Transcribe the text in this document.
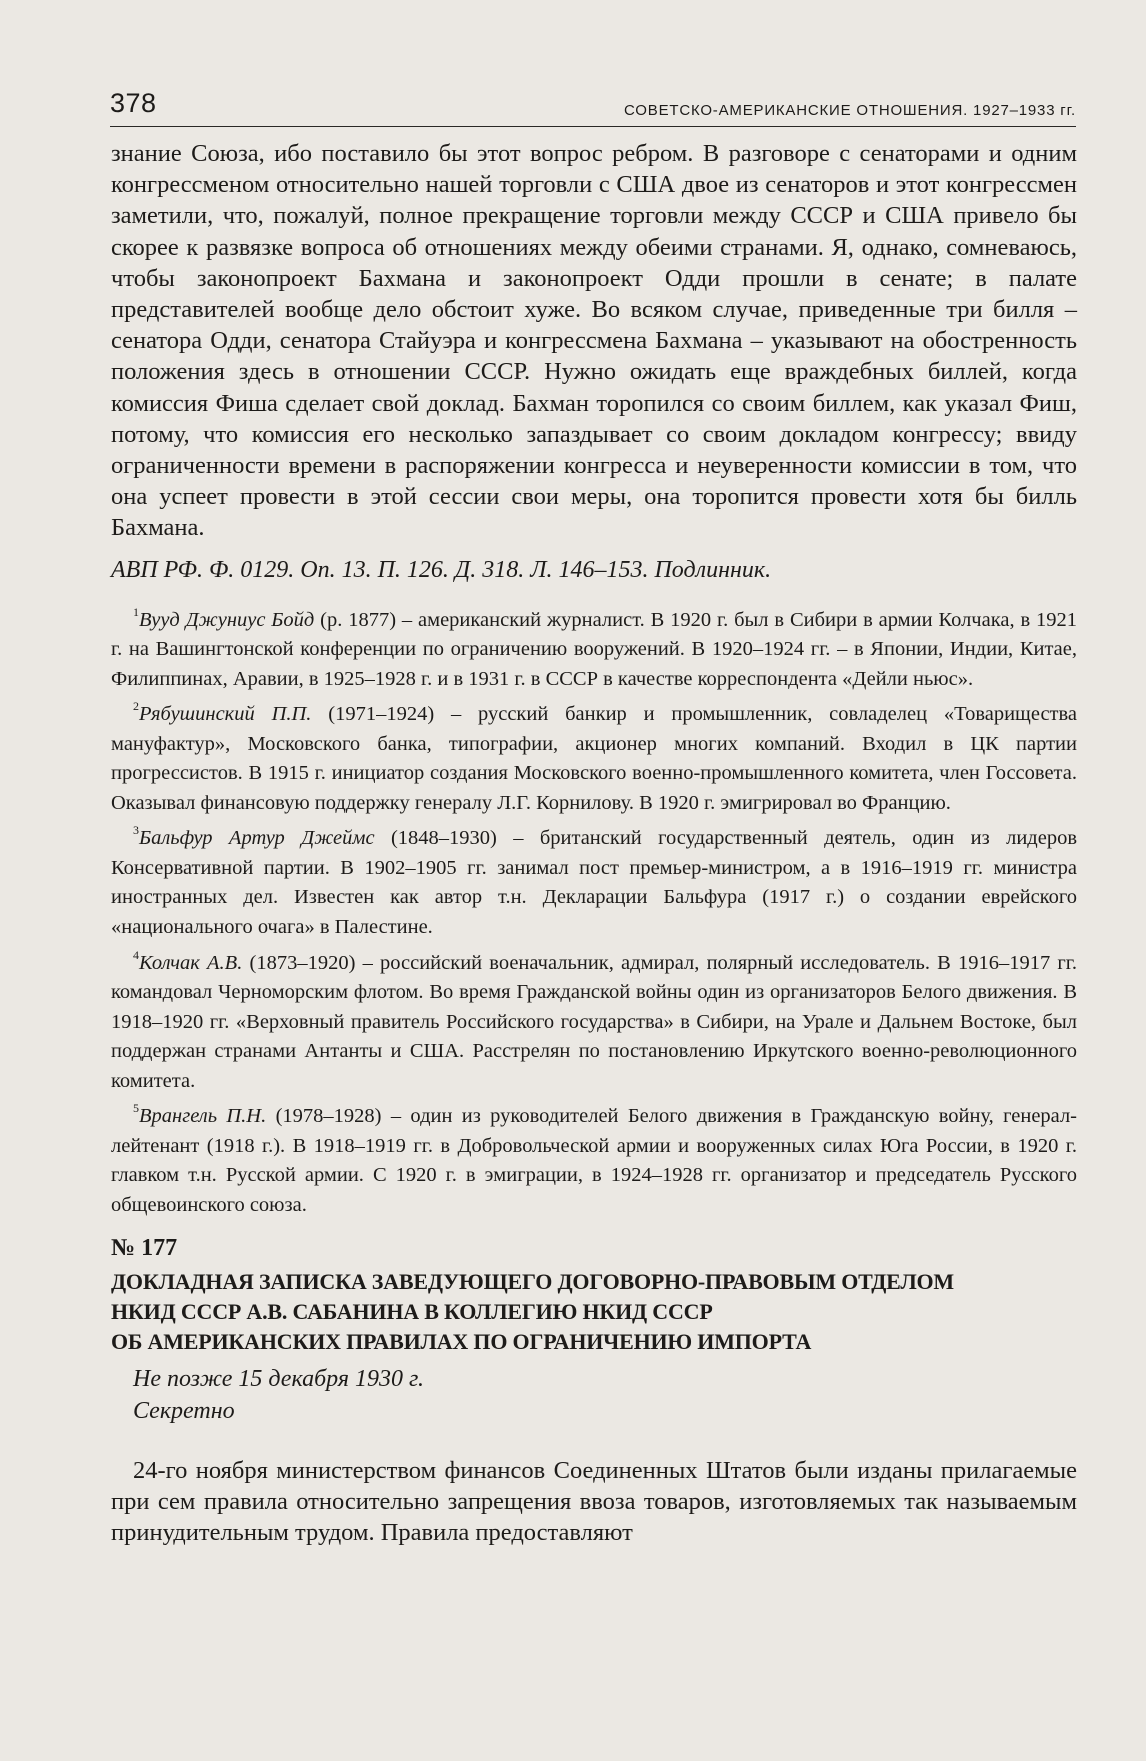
378	СОВЕТСКО-АМЕРИКАНСКИЕ ОТНОШЕНИЯ. 1927–1933 гг.

знание Союза, ибо поставило бы этот вопрос ребром. В разговоре с сенаторами и одним конгрессменом относительно нашей торговли с США двое из сенаторов и этот конгрессмен заметили, что, пожалуй, полное прекращение торговли между СССР и США привело бы скорее к развязке вопроса об отношениях между обеими странами. Я, однако, сомневаюсь, чтобы законопроект Бахмана и законопроект Одди прошли в сенате; в палате представителей вообще дело обстоит хуже. Во всяком случае, приведенные три билля – сенатора Одди, сенатора Стайуэра и конгрессмена Бахмана – указывают на обостренность положения здесь в отношении СССР. Нужно ожидать еще враждебных биллей, когда комиссия Фиша сделает свой доклад. Бахман торопился со своим биллем, как указал Фиш, потому, что комиссия его несколько запаздывает со своим докладом конгрессу; ввиду ограниченности времени в распоряжении конгресса и неуверенности комиссии в том, что она успеет провести в этой сессии свои меры, она торопится провести хотя бы билль Бахмана.

АВП РФ. Ф. 0129. Оп. 13. П. 126. Д. 318. Л. 146–153. Подлинник.

$^1$Вууд Джуниус Бойд (р. 1877) – американский журналист. В 1920 г. был в Сибири в армии Колчака, в 1921 г. на Вашингтонской конференции по ограничению вооружений. В 1920–1924 гг. – в Японии, Индии, Китае, Филиппинах, Аравии, в 1925–1928 г. и в 1931 г. в СССР в качестве корреспондента «Дейли ньюс».

$^2$Рябушинский П.П. (1971–1924) – русский банкир и промышленник, совладелец «Товарищества мануфактур», Московского банка, типографии, акционер многих компаний. Входил в ЦК партии прогрессистов. В 1915 г. инициатор создания Московского военно-промышленного комитета, член Госсовета. Оказывал финансовую поддержку генералу Л.Г. Корнилову. В 1920 г. эмигрировал во Францию.

$^3$Бальфур Артур Джеймс (1848–1930) – британский государственный деятель, один из лидеров Консервативной партии. В 1902–1905 гг. занимал пост премьер-министром, а в 1916–1919 гг. министра иностранных дел. Известен как автор т.н. Декларации Бальфура (1917 г.) о создании еврейского «национального очага» в Палестине.

$^4$Колчак А.В. (1873–1920) – российский военачальник, адмирал, полярный исследователь. В 1916–1917 гг. командовал Черноморским флотом. Во время Гражданской войны один из организаторов Белого движения. В 1918–1920 гг. «Верховный правитель Российского государства» в Сибири, на Урале и Дальнем Востоке, был поддержан странами Антанты и США. Расстрелян по постановлению Иркутского военно-революционного комитета.

$^5$Врангель П.Н. (1978–1928) – один из руководителей Белого движения в Гражданскую войну, генерал-лейтенант (1918 г.). В 1918–1919 гг. в Добровольческой армии и вооруженных силах Юга России, в 1920 г. главком т.н. Русской армии. С 1920 г. в эмиграции, в 1924–1928 гг. организатор и председатель Русского общевоинского союза.

№ 177

ДОКЛАДНАЯ ЗАПИСКА ЗАВЕДУЮЩЕГО ДОГОВОРНО-ПРАВОВЫМ ОТДЕЛОМ
НКИД СССР А.В. САБАНИНА В КОЛЛЕГИЮ НКИД СССР
ОБ АМЕРИКАНСКИХ ПРАВИЛАХ ПО ОГРАНИЧЕНИЮ ИМПОРТА
Не позже 15 декабря 1930 г.
Секретно

24-го ноября министерством финансов Соединенных Штатов были изданы прилагаемые при сем правила относительно запрещения ввоза товаров, изготовляемых так называемым принудительным трудом. Правила предоставляют
